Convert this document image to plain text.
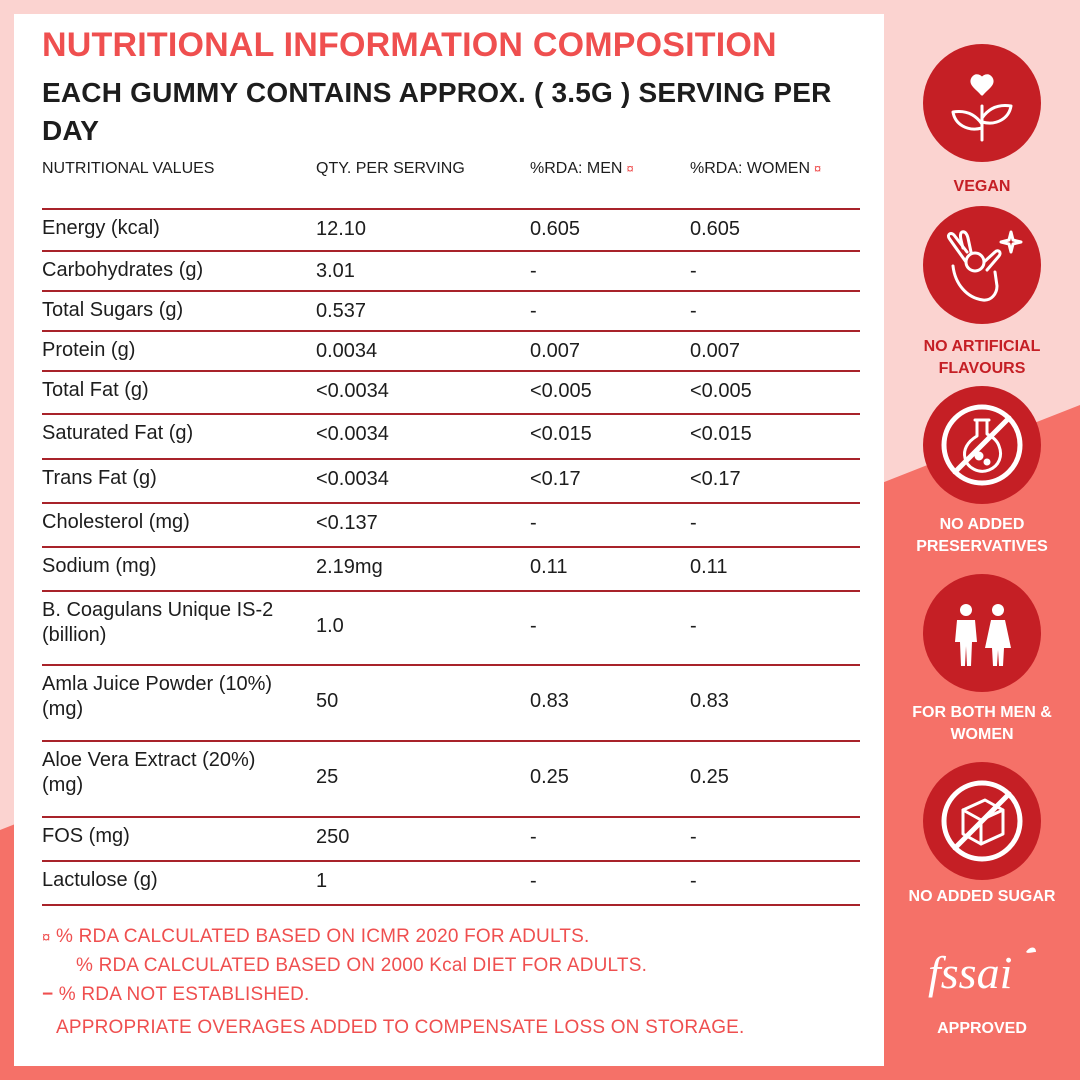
NUTRITIONAL INFORMATION COMPOSITION
EACH GUMMY CONTAINS APPROX. ( 3.5G ) SERVING PER DAY
NUTRITIONAL VALUES	QTY. PER SERVING	%RDA: MEN ¤	%RDA: WOMEN ¤
Energy (kcal)	12.10	0.605	0.605
Carbohydrates (g)	3.01	-	-
Total Sugars (g)	0.537	-	-
Protein (g)	0.0034	0.007	0.007
Total Fat (g)	<0.0034	<0.005	<0.005
Saturated Fat (g)	<0.0034	<0.015	<0.015
Trans Fat (g)	<0.0034	<0.17	<0.17
Cholesterol (mg)	<0.137	-	-
Sodium (mg)	2.19mg	0.11	0.11
B. Coagulans Unique IS-2 (billion)	1.0	-	-
Amla Juice Powder (10%) (mg)	50	0.83	0.83
Aloe Vera Extract (20%) (mg)	25	0.25	0.25
FOS (mg)	250	-	-
Lactulose (g)	1	-	-
¤ % RDA CALCULATED BASED ON ICMR 2020 FOR ADULTS.
% RDA CALCULATED BASED ON 2000 Kcal DIET FOR ADULTS.
− % RDA NOT ESTABLISHED.
APPROPRIATE OVERAGES ADDED TO COMPENSATE LOSS ON STORAGE.
VEGAN
NO ARTIFICIAL FLAVOURS
NO ADDED PRESERVATIVES
FOR BOTH MEN & WOMEN
NO ADDED SUGAR
fssai
APPROVED
